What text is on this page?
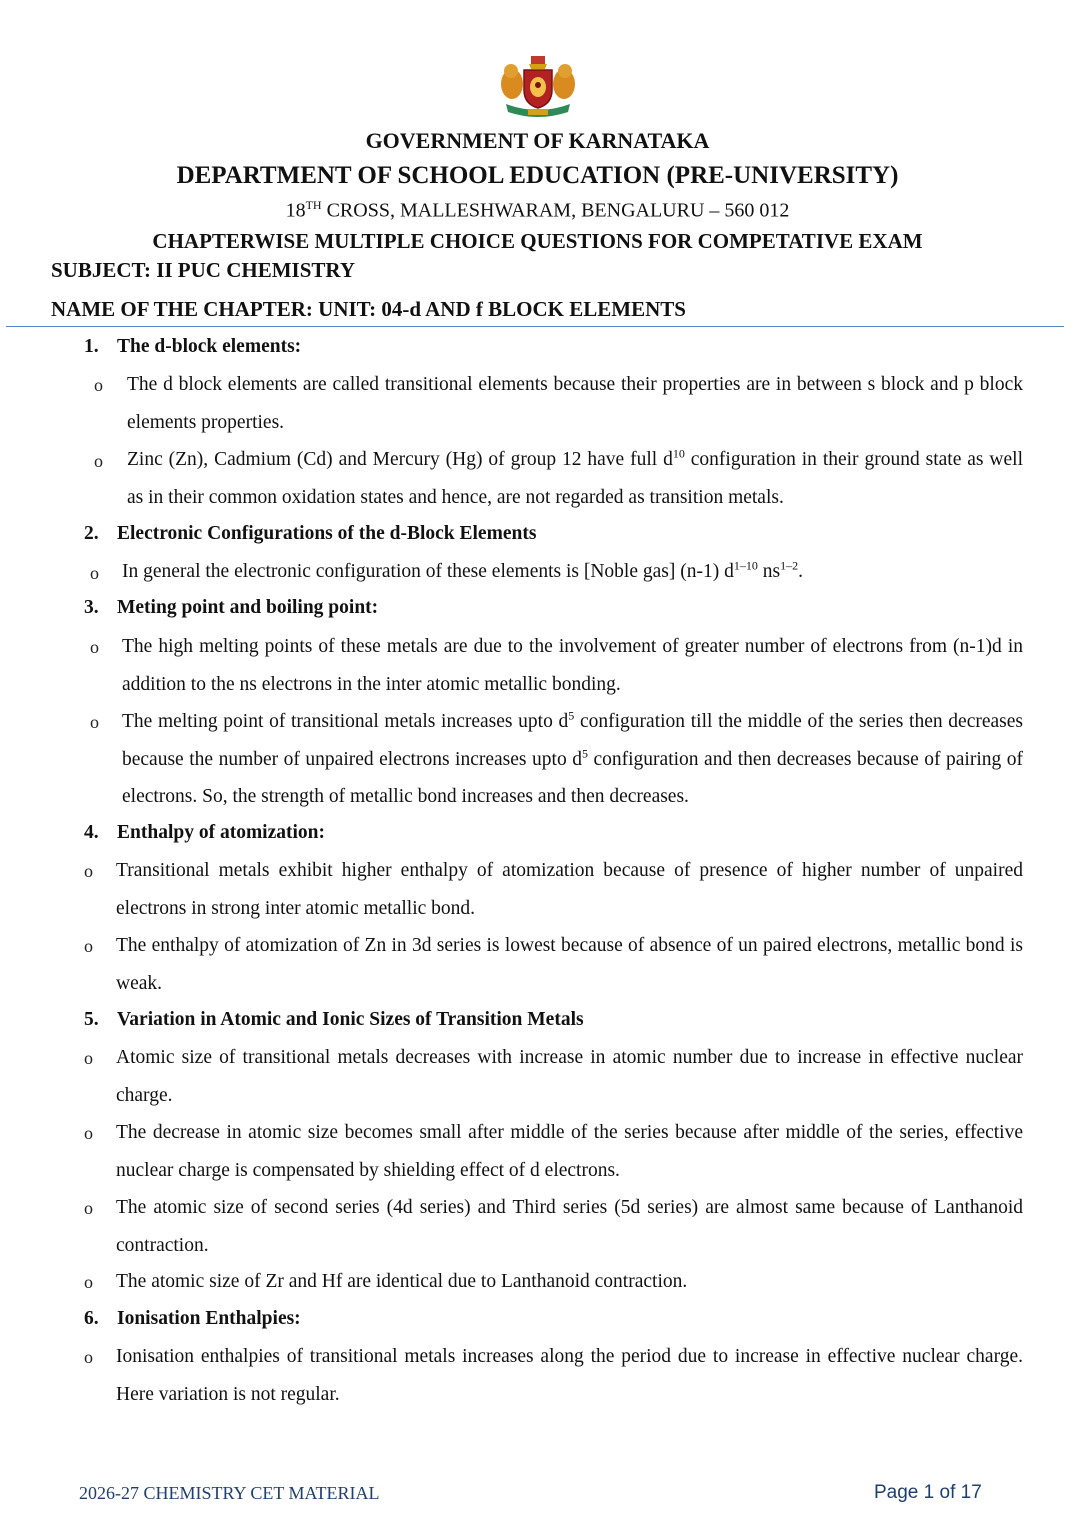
GOVERNMENT OF KARNATAKA
DEPARTMENT OF SCHOOL EDUCATION (PRE-UNIVERSITY)
18TH CROSS, MALLESHWARAM, BENGALURU – 560 012
CHAPTERWISE MULTIPLE CHOICE QUESTIONS FOR COMPETATIVE EXAM
SUBJECT: II PUC CHEMISTRY
NAME OF THE CHAPTER: UNIT: 04-d AND f BLOCK ELEMENTS
1. The d-block elements:
o The d block elements are called transitional elements because their properties are in between s block and p block elements properties.
o Zinc (Zn), Cadmium (Cd) and Mercury (Hg) of group 12 have full $d^{10}$ configuration in their ground state as well as in their common oxidation states and hence, are not regarded as transition metals.
2. Electronic Configurations of the d-Block Elements
o In general the electronic configuration of these elements is [Noble gas] (n-1) $d^{1-10}$ $ns^{1-2}$.
3. Meting point and boiling point:
o The high melting points of these metals are due to the involvement of greater number of electrons from (n-1)d in addition to the ns electrons in the inter atomic metallic bonding.
o The melting point of transitional metals increases upto $d^5$ configuration till the middle of the series then decreases because the number of unpaired electrons increases upto $d^5$ configuration and then decreases because of pairing of electrons. So, the strength of metallic bond increases and then decreases.
4. Enthalpy of atomization:
o Transitional metals exhibit higher enthalpy of atomization because of presence of higher number of unpaired electrons in strong inter atomic metallic bond.
o The enthalpy of atomization of Zn in 3d series is lowest because of absence of un paired electrons, metallic bond is weak.
5. Variation in Atomic and Ionic Sizes of Transition Metals
o Atomic size of transitional metals decreases with increase in atomic number due to increase in effective nuclear charge.
o The decrease in atomic size becomes small after middle of the series because after middle of the series, effective nuclear charge is compensated by shielding effect of d electrons.
o The atomic size of second series (4d series) and Third series (5d series) are almost same because of Lanthanoid contraction.
o The atomic size of Zr and Hf are identical due to Lanthanoid contraction.
6. Ionisation Enthalpies:
o Ionisation enthalpies of transitional metals increases along the period due to increase in effective nuclear charge. Here variation is not regular.
2026-27 CHEMISTRY CET MATERIAL	Page 1 of 17
